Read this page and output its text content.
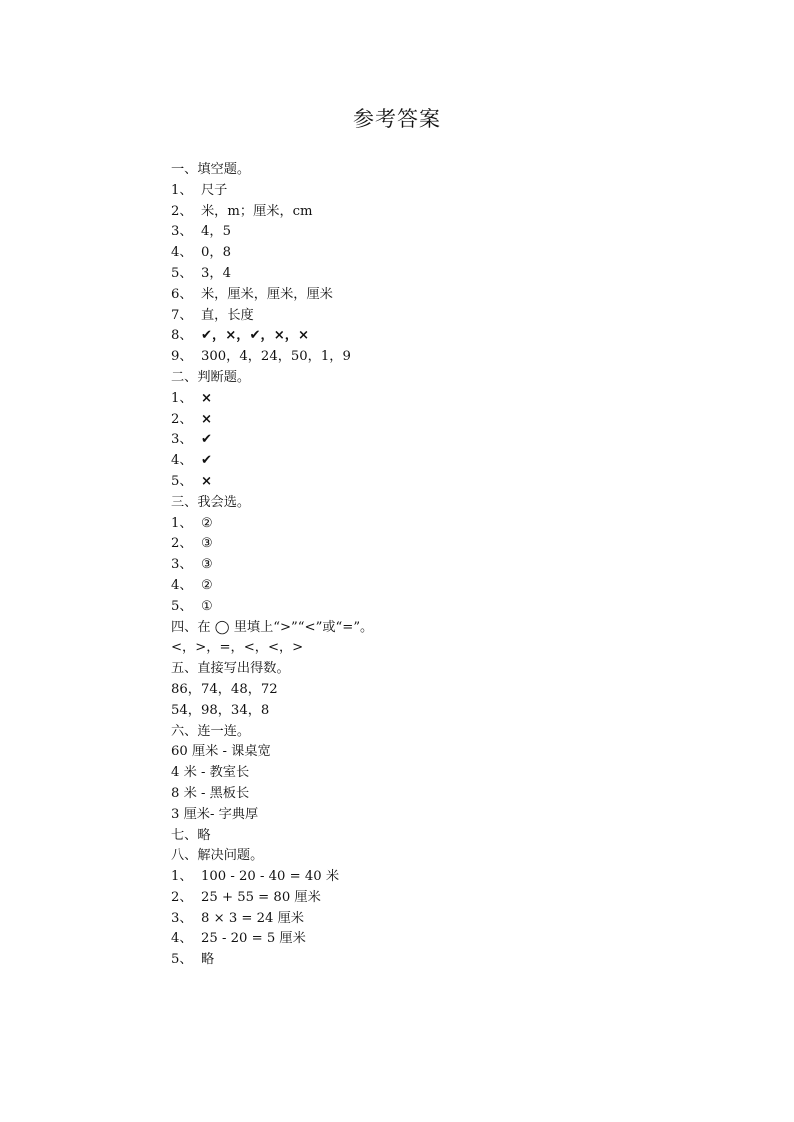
参考答案
一、填空题。
1、 尺子
2、 米，m；厘米，cm
3、 4，5
4、 0，8
5、 3，4
6、 米，厘米，厘米，厘米
7、 直，长度
8、 ✔，×，✔，×，×
9、 300，4，24，50，1，9
二、判断题。
1、 ×
2、 ×
3、 ✔
4、 ✔
5、 ×
三、我会选。
1、 ②
2、 ③
3、 ③
4、 ②
5、 ①
四、在 ◯ 里填上“>”“<”或“=”。
<，>，=，<，<，>
五、直接写出得数。
86，74，48，72
54，98，34，8
六、连一连。
60 厘米 - 课桌宽
4 米 - 教室长
8 米 - 黑板长
3 厘米- 字典厚
七、略
八、解决问题。
1、 100 - 20 - 40 = 40 米
2、 25 + 55 = 80 厘米
3、 8 × 3 = 24 厘米
4、 25 - 20 = 5 厘米
5、 略
